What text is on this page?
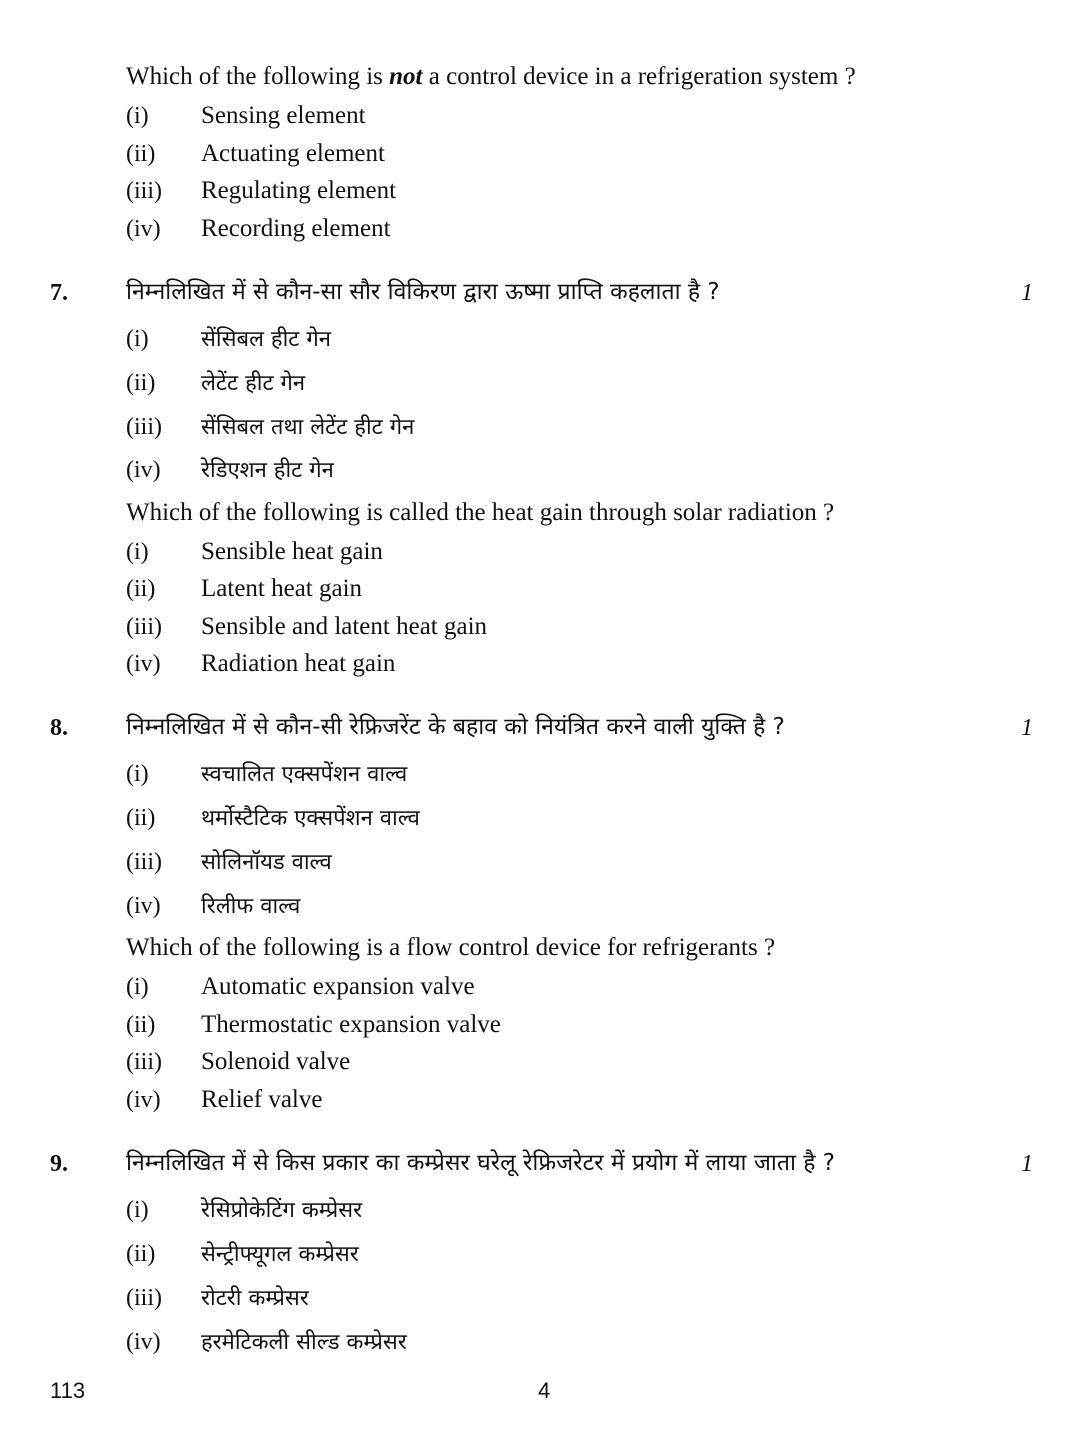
Which of the following is not a control device in a refrigeration system ?
(i) Sensing element
(ii) Actuating element
(iii) Regulating element
(iv) Recording element
7.	निम्नलिखित में से कौन-सा सौर विकिरण द्वारा ऊष्मा प्राप्ति कहलाता है ?	1
(i) सेंसिबल हीट गेन
(ii) लेटेंट हीट गेन
(iii) सेंसिबल तथा लेटेंट हीट गेन
(iv) रेडिएशन हीट गेन
Which of the following is called the heat gain through solar radiation ?
(i) Sensible heat gain
(ii) Latent heat gain
(iii) Sensible and latent heat gain
(iv) Radiation heat gain
8.	निम्नलिखित में से कौन-सी रेफ्रिजरेंट के बहाव को नियंत्रित करने वाली युक्ति है ?	1
(i) स्वचालित एक्सपेंशन वाल्व
(ii) थर्मोस्टैटिक एक्सपेंशन वाल्व
(iii) सोलिनॉयड वाल्व
(iv) रिलीफ वाल्व
Which of the following is a flow control device for refrigerants ?
(i) Automatic expansion valve
(ii) Thermostatic expansion valve
(iii) Solenoid valve
(iv) Relief valve
9.	निम्नलिखित में से किस प्रकार का कम्प्रेसर घरेलू रेफ्रिजरेटर में प्रयोग में लाया जाता है ?	1
(i) रेसिप्रोकेटिंग कम्प्रेसर
(ii) सेन्ट्रीफ्यूगल कम्प्रेसर
(iii) रोटरी कम्प्रेसर
(iv) हरमेटिकली सील्ड कम्प्रेसर
113	4
